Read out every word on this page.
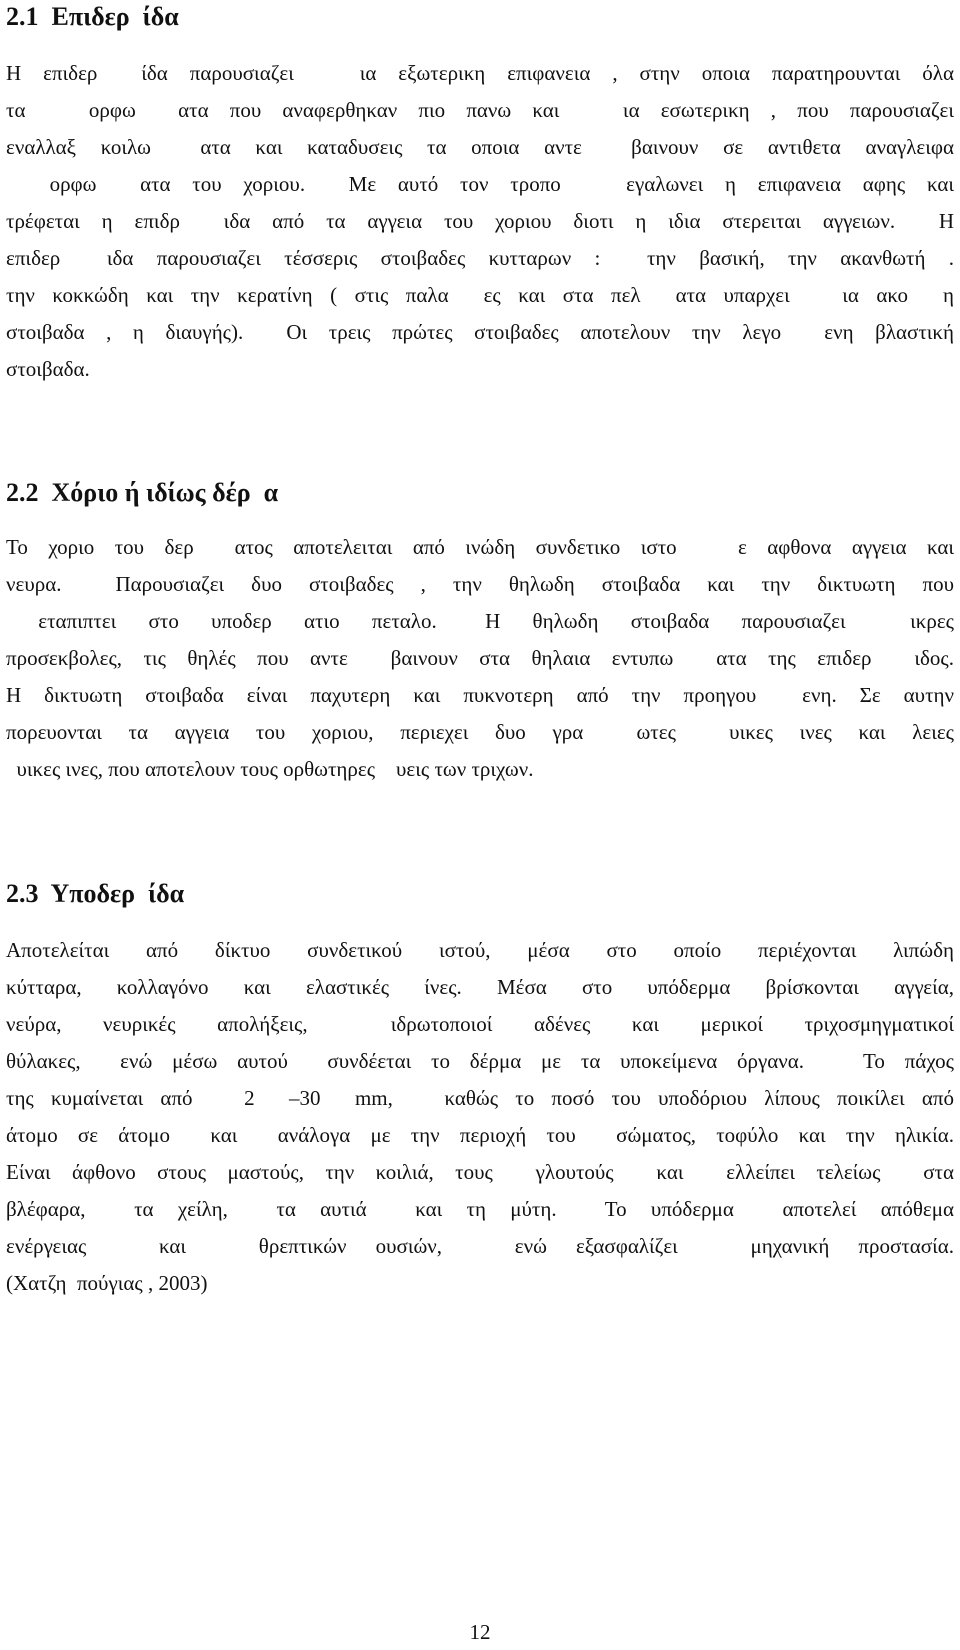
2.1  Επιδερ  ίδα

Η επιδερ  ίδα παρουσιαζει   ια εξωτερικη επιφανεια , στην οποια παρατηρουνται όλα

τα   ορφω  ατα που αναφερθηκαν πιο πανω και   ια εσωτερικη , που παρουσιαζει

εναλλαξ κοιλω  ατα και καταδυσεις τα οποια αντε  βαινουν σε αντιθετα αναγλειφα

ορφω  ατα του χοριου.  Με αυτό τον τροπο   εγαλωνει η επιφανεια αφης και

τρέφεται η επιδρ  ιδα από τα αγγεια του χοριου διοτι η ιδια στερειται αγγειων.  Η

επιδερ  ιδα παρουσιαζει τέσσερις στοιβαδες κυτταρων :  την βασική, την ακανθωτή .

την κοκκώδη και την κερατίνη ( στις παλα  ες και στα πελ  ατα υπαρχει   ια ακο  η

στοιβαδα , η διαυγής).  Οι τρεις πρώτες στοιβαδες αποτελουν την λεγο  ενη βλαστική

στοιβαδα.

2.2  Χόριο ή ιδίως δέρ  α

Το χοριο του δερ  ατος αποτελειται από ινώδη συνδετικο ιστο   ε αφθονα αγγεια και

νευρα.  Παρουσιαζει δυο στοιβαδες , την θηλωδη στοιβαδα και την δικτυωτη που

εταπιπτει  στο  υποδερ  ατιο  πεταλο.   Η  θηλωδη  στοιβαδα  παρουσιαζει    ικρες

προσεκβολες, τις θηλές που αντε  βαινουν στα θηλαια εντυπω  ατα της επιδερ  ιδος.

Η δικτυωτη στοιβαδα είναι παχυτερη και πυκνοτερη από την προηγου  ενη. Σε αυτην

πορευονται  τα  αγγεια  του  χοριου,  περιεχει  δυο  γρα    ωτες    υικες  ινες  και  λειες

υικες ινες, που αποτελουν τους ορθωτηρες    υεις των τριχων.

2.3  Υποδερ  ίδα

Αποτελείται  από  δίκτυο  συνδετικού  ιστού,  μέσα  στο  οποίο  περιέχονται  λιπώδη

κύτταρα, κολλαγόνο και ελαστικές ίνες. Μέσα στο υπόδερμα βρίσκονται αγγεία,

νεύρα,  νευρικές  απολήξεις,    ιδρωτοποιοί  αδένες  και  μερικοί  τριχοσμηγματικοί

θύλακες,  ενώ μέσω αυτού  συνδέεται το δέρμα με τα υποκείμενα όργανα.   Το πάχος

της κυμαίνεται από   2  –30  mm,   καθώς το ποσό του υποδόριου λίπους ποικίλει από

άτομο σε άτομο  και  ανάλογα με την περιοχή του  σώματος, τοφύλο και την ηλικία.

Είναι άφθονο στους μαστούς, την κοιλιά, τους  γλουτούς  και  ελλείπει τελείως  στα

βλέφαρα,    τα  χείλη,    τα  αυτιά    και  τη  μύτη.    Το  υπόδερμα    αποτελεί  απόθεμα

ενέργειας     και     θρεπτικών  ουσιών,     ενώ  εξασφαλίζει     μηχανική  προστασία.

(Χατζη  πούγιας , 2003)

12
